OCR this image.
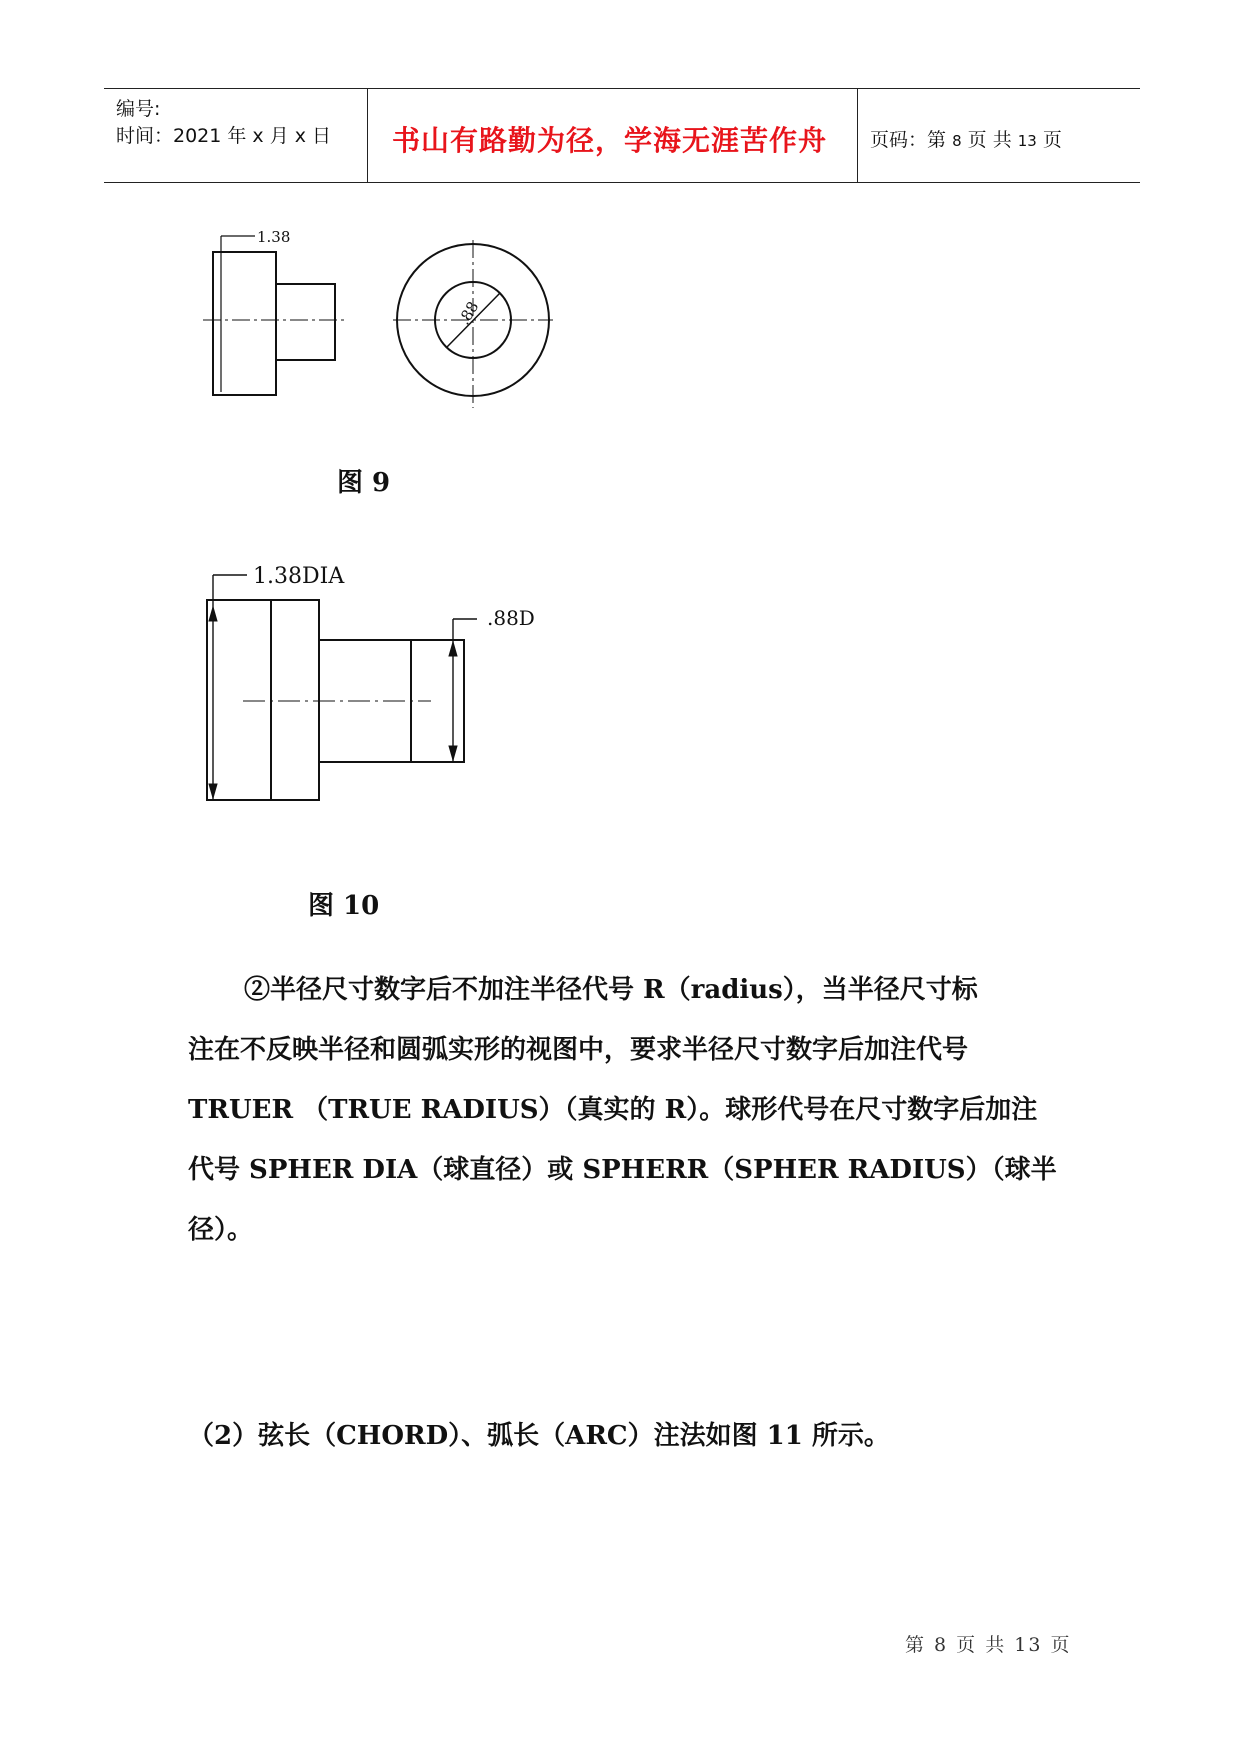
编号:
时间：2021 年 x 月 x 日 书山有路勤为径，学海无涯苦作舟 页码：第 8 页 共 13 页
1.38
.88
图 9
1.38DIA
.88D
图 10

②半径尺寸数字后不加注半径代号 R（radius），当半径尺寸标

注在不反映半径和圆弧实形的视图中，要求半径尺寸数字后加注代号

TRUER （TRUE RADIUS）（真实的 R）。球形代号在尺寸数字后加注

代号 SPHER DIA（球直径）或 SPHERR（SPHER RADIUS）（球半径）。

（2）弦长（CHORD）、弧长（ARC）注法如图 11 所示。

第 8 页 共 13 页
